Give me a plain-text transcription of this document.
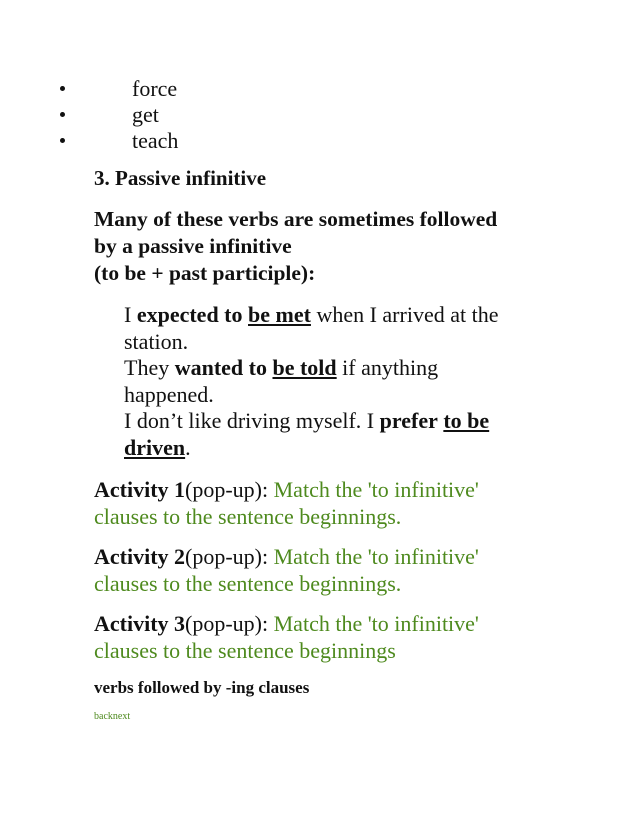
force
get
teach
3. Passive infinitive
Many of these verbs are sometimes followed
by a passive infinitive
(to be + past participle):
I expected to be met when I arrived at the
station.
They wanted to be told if anything
happened.
I don’t like driving myself. I prefer to be
driven.
Activity 1(pop-up): Match the 'to infinitive'
clauses to the sentence beginnings.
Activity 2(pop-up): Match the 'to infinitive'
clauses to the sentence beginnings.
Activity 3(pop-up): Match the 'to infinitive'
clauses to the sentence beginnings
verbs followed by -ing clauses
backnext
